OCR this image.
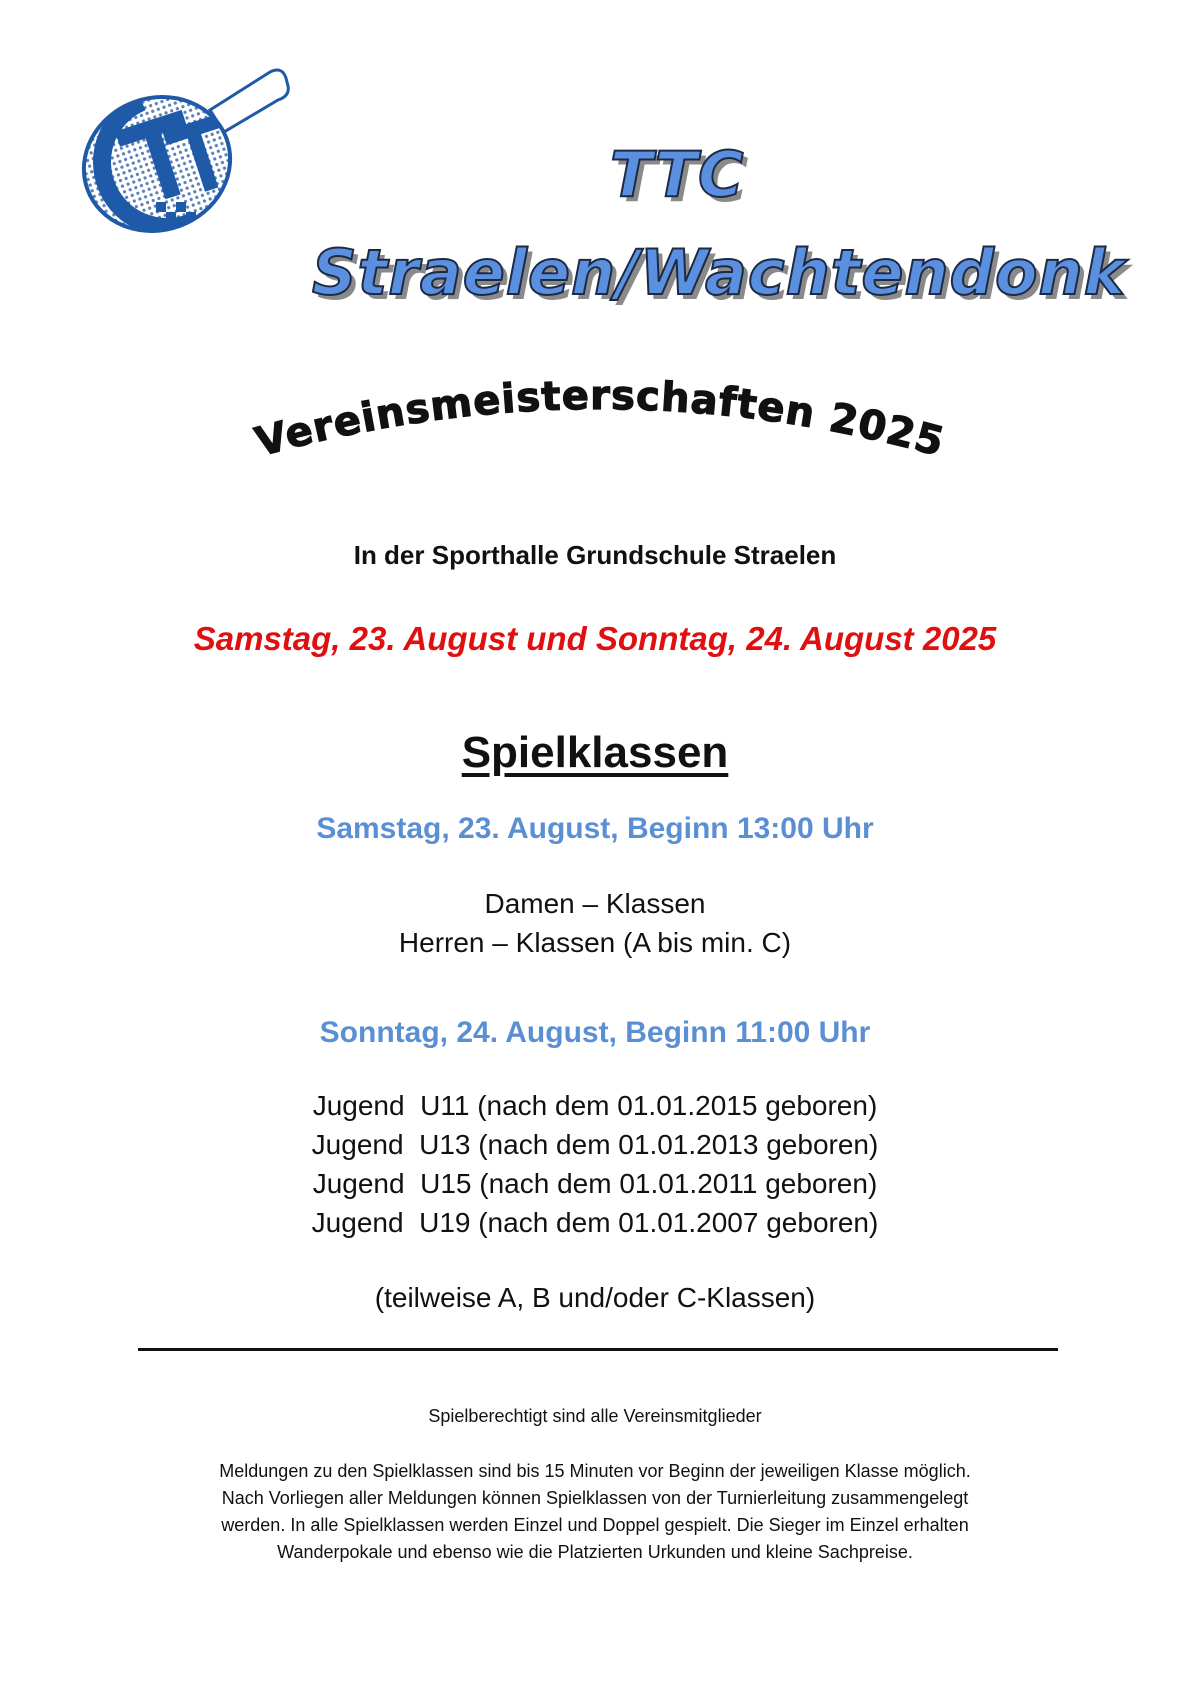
TTC
Straelen/Wachtendonk
Vereinsmeisterschaften 2025
In der Sporthalle Grundschule Straelen
Samstag, 23. August und Sonntag, 24. August 2025
Spielklassen
Samstag, 23. August, Beginn 13:00 Uhr
Damen – Klassen
Herren – Klassen (A bis min. C)
Sonntag, 24. August, Beginn 11:00 Uhr
Jugend  U11 (nach dem 01.01.2015 geboren)
Jugend  U13 (nach dem 01.01.2013 geboren)
Jugend  U15 (nach dem 01.01.2011 geboren)
Jugend  U19 (nach dem 01.01.2007 geboren)
(teilweise A, B und/oder C-Klassen)
Spielberechtigt sind alle Vereinsmitglieder
Meldungen zu den Spielklassen sind bis 15 Minuten vor Beginn der jeweiligen Klasse möglich.
Nach Vorliegen aller Meldungen können Spielklassen von der Turnierleitung zusammengelegt
werden. In alle Spielklassen werden Einzel und Doppel gespielt. Die Sieger im Einzel erhalten
Wanderpokale und ebenso wie die Platzierten Urkunden und kleine Sachpreise.
